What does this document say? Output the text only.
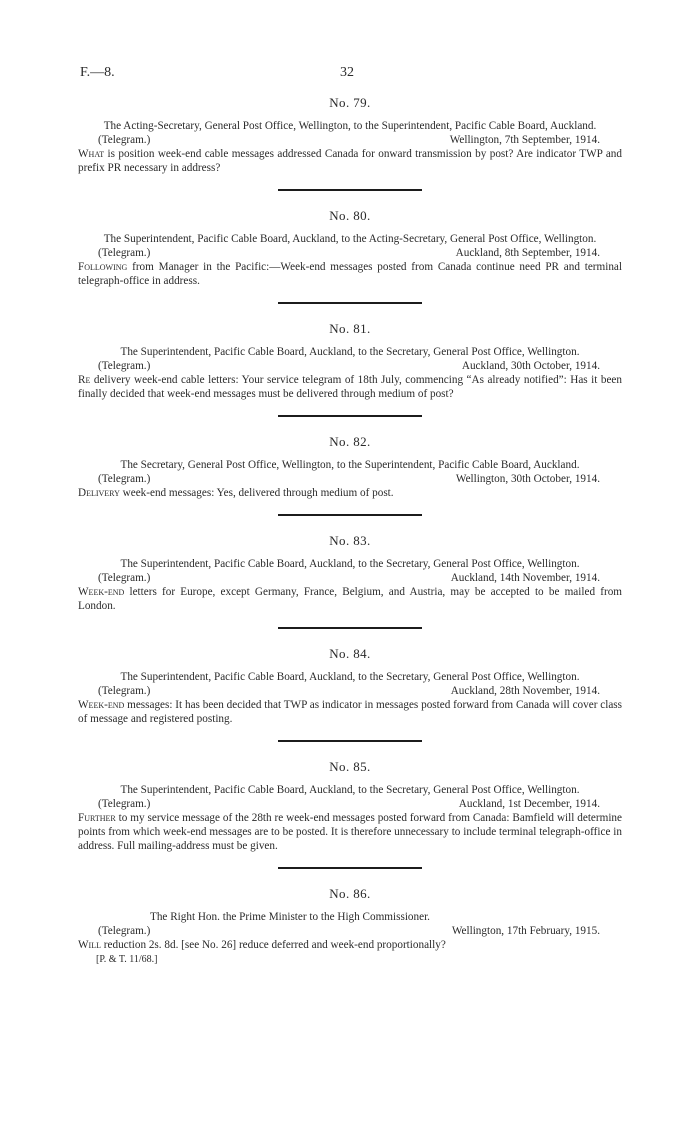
F.—8.	32
No. 79.
The Acting-Secretary, General Post Office, Wellington, to the Superintendent, Pacific Cable Board, Auckland.
(Telegram.)	Wellington, 7th September, 1914.
What is position week-end cable messages addressed Canada for onward transmission by post? Are indicator TWP and prefix PR necessary in address?
No. 80.
The Superintendent, Pacific Cable Board, Auckland, to the Acting-Secretary, General Post Office, Wellington.
(Telegram.)	Auckland, 8th September, 1914.
Following from Manager in the Pacific:—Week-end messages posted from Canada continue need PR and terminal telegraph-office in address.
No. 81.
The Superintendent, Pacific Cable Board, Auckland, to the Secretary, General Post Office, Wellington.
(Telegram.)	Auckland, 30th October, 1914.
Re delivery week-end cable letters: Your service telegram of 18th July, commencing “As already notified”: Has it been finally decided that week-end messages must be delivered through medium of post?
No. 82.
The Secretary, General Post Office, Wellington, to the Superintendent, Pacific Cable Board, Auckland.
(Telegram.)	Wellington, 30th October, 1914.
Delivery week-end messages: Yes, delivered through medium of post.
No. 83.
The Superintendent, Pacific Cable Board, Auckland, to the Secretary, General Post Office, Wellington.
(Telegram.)	Auckland, 14th November, 1914.
Week-end letters for Europe, except Germany, France, Belgium, and Austria, may be accepted to be mailed from London.
No. 84.
The Superintendent, Pacific Cable Board, Auckland, to the Secretary, General Post Office, Wellington.
(Telegram.)	Auckland, 28th November, 1914.
Week-end messages: It has been decided that TWP as indicator in messages posted forward from Canada will cover class of message and registered posting.
No. 85.
The Superintendent, Pacific Cable Board, Auckland, to the Secretary, General Post Office, Wellington.
(Telegram.)	Auckland, 1st December, 1914.
Further to my service message of the 28th re week-end messages posted forward from Canada: Bamfield will determine points from which week-end messages are to be posted. It is therefore unnecessary to include terminal telegraph-office in address. Full mailing-address must be given.
No. 86.
The Right Hon. the Prime Minister to the High Commissioner.
(Telegram.)	Wellington, 17th February, 1915.
Will reduction 2s. 8d. [see No. 26] reduce deferred and week-end proportionally?
[P. & T. 11/68.]
